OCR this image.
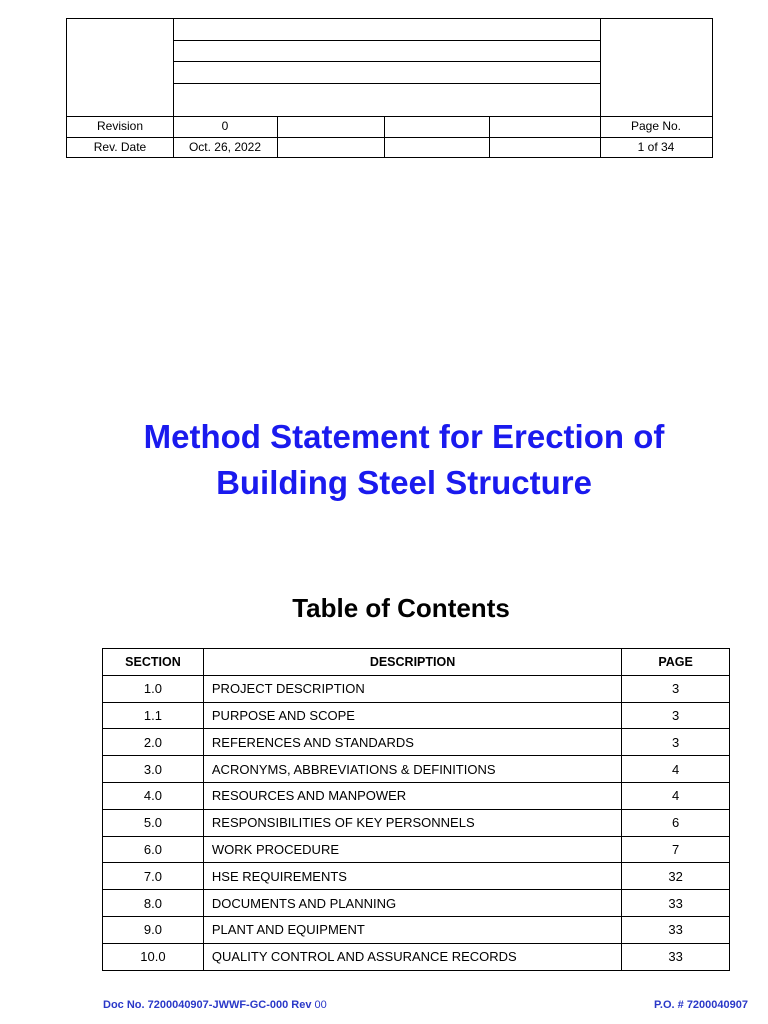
Revision	0	Page No.
Rev. Date	Oct. 26, 2022	1 of 34
Method Statement for Erection of
Building Steel Structure
Table of Contents
SECTION	DESCRIPTION	PAGE
1.0	PROJECT DESCRIPTION	3
1.1	PURPOSE AND SCOPE	3
2.0	REFERENCES AND STANDARDS	3
3.0	ACRONYMS, ABBREVIATIONS & DEFINITIONS	4
4.0	RESOURCES AND MANPOWER	4
5.0	RESPONSIBILITIES OF KEY PERSONNELS	6
6.0	WORK PROCEDURE	7
7.0	HSE REQUIREMENTS	32
8.0	DOCUMENTS AND PLANNING	33
9.0	PLANT AND EQUIPMENT	33
10.0	QUALITY CONTROL AND ASSURANCE RECORDS	33
Doc No. 7200040907-JWWF-GC-000 Rev 00	P.O. # 7200040907
